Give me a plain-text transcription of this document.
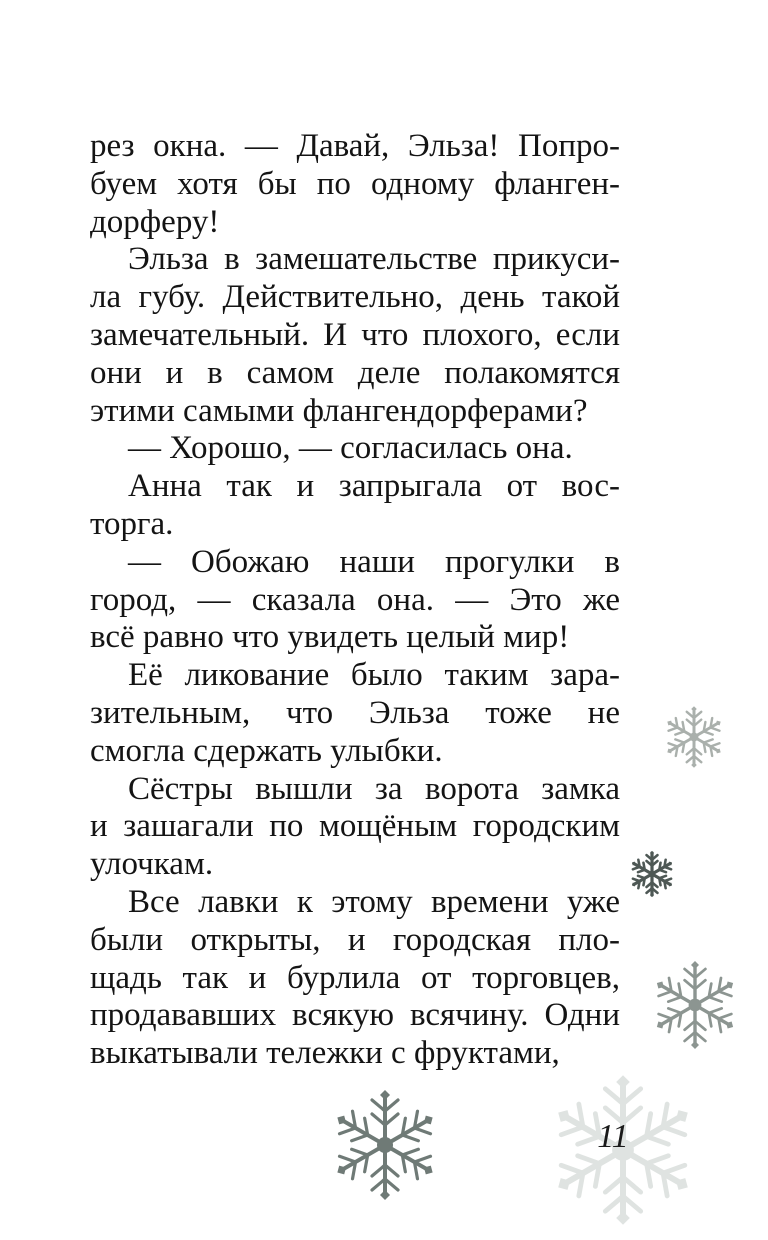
рез окна. — Давай, Эльза! Попро-
буем хотя бы по одному фланген-
дорферу!
Эльза в замешательстве прикуси-
ла губу. Действительно, день такой
замечательный. И что плохого, если
они и в самом деле полакомятся
этими самыми флангендорферами?
— Хорошо, — согласилась она.
Анна так и запрыгала от вос-
торга.
— Обожаю наши прогулки в
город, — сказала она. — Это же
всё равно что увидеть целый мир!
Её ликование было таким зара-
зительным, что Эльза тоже не
смогла сдержать улыбки.
Сёстры вышли за ворота замка
и зашагали по мощёным городским
улочкам.
Все лавки к этому времени уже
были открыты, и городская пло-
щадь так и бурлила от торговцев,
продававших всякую всячину. Одни
выкатывали тележки с фруктами,
11
